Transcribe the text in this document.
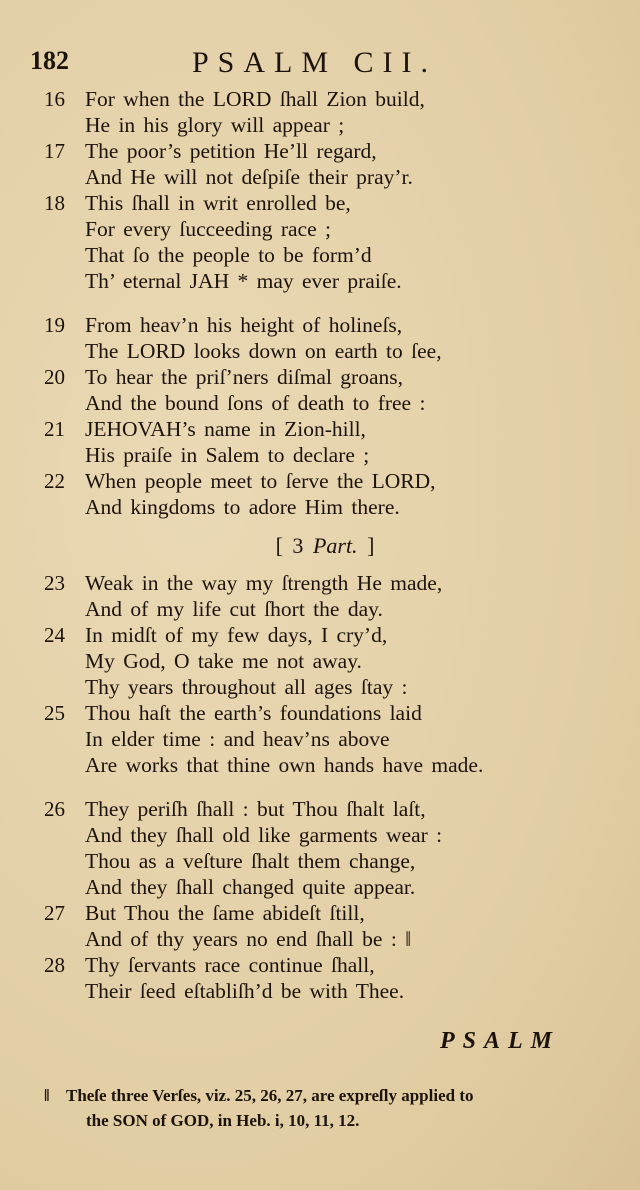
182	PSALM CII.
16 For when the LORD ſhall Zion build,
He in his glory will appear ;
17 The poor’s petition He’ll regard,
And He will not deſpiſe their pray’r.
18 This ſhall in writ enrolled be,
For every ſucceeding race ;
That ſo the people to be form’d
Th’ eternal JAH * may ever praiſe.
19 From heav’n his height of holineſs,
The LORD looks down on earth to ſee,
20 To hear the priſ’ners diſmal groans,
And the bound ſons of death to free :
21 JEHOVAH’s name in Zion-hill,
His praiſe in Salem to declare ;
22 When people meet to ſerve the LORD,
And kingdoms to adore Him there.
[ 3 Part. ]
23 Weak in the way my ſtrength He made,
And of my life cut ſhort the day.
24 In midſt of my few days, I cry’d,
My God, O take me not away.
Thy years throughout all ages ſtay :
25 Thou haſt the earth’s foundations laid
In elder time : and heav’ns above
Are works that thine own hands have made.
26 They periſh ſhall : but Thou ſhalt laſt,
And they ſhall old like garments wear :
Thou as a veſture ſhalt them change,
And they ſhall changed quite appear.
27 But Thou the ſame abideſt ſtill,
And of thy years no end ſhall be : ‖
28 Thy ſervants race continue ſhall,
Their ſeed eſtabliſh’d be with Thee.
PSALM
‖ Theſe three Verſes, viz. 25, 26, 27, are expreſly applied to
the SON of GOD, in Heb. i, 10, 11, 12.
